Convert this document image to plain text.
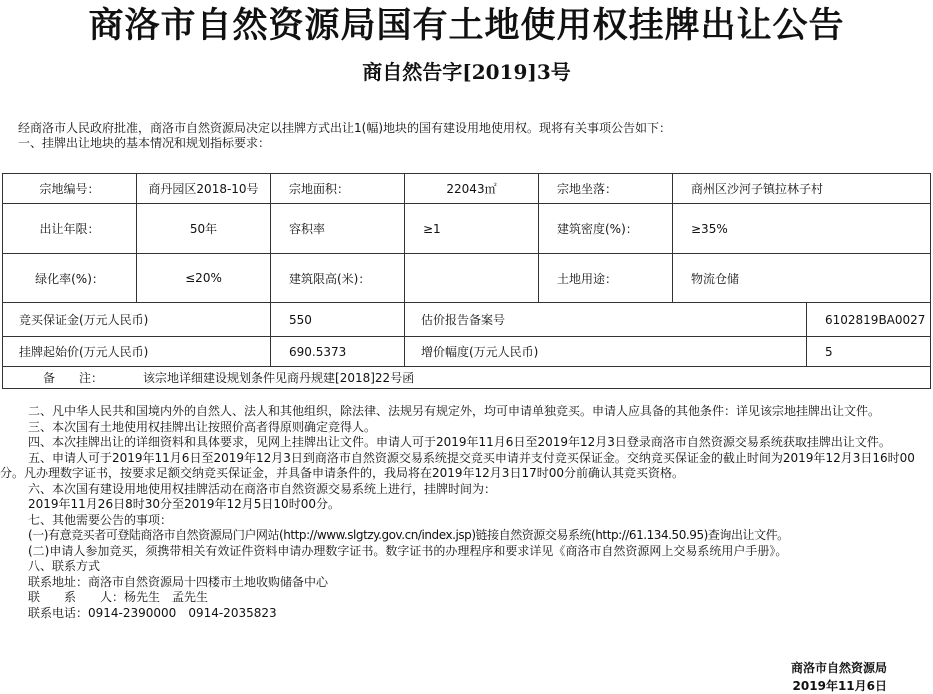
商洛市自然资源局国有土地使用权挂牌出让公告
商自然告字[2019]3号
经商洛市人民政府批准，商洛市自然资源局决定以挂牌方式出让1(幅)地块的国有建设用地使用权。现将有关事项公告如下：
一、挂牌出让地块的基本情况和规划指标要求：
宗地编号：	商丹园区2018-10号	宗地面积：	22043㎡	宗地坐落：	商州区沙河子镇拉林子村	
出让年限：	50年	容积率	≥1	建筑密度(%)：	≥35%	
绿化率(%)：	≤20%	建筑限高(米)：		土地用途：	物流仓储	
竞买保证金(万元人民币)		550	估价报告备案号			6102819BA0027
挂牌起始价(万元人民币)		690.5373	增价幅度(万元人民币)			5
备　　注： 该宗地详细建设规划条件见商丹规建[2018]22号函						
二、凡中华人民共和国境内外的自然人、法人和其他组织，除法律、法规另有规定外，均可申请单独竞买。申请人应具备的其他条件：详见该宗地挂牌出让文件。
三、本次国有土地使用权挂牌出让按照价高者得原则确定竞得人。
四、本次挂牌出让的详细资料和具体要求，见网上挂牌出让文件。申请人可于2019年11月6日至2019年12月3日登录商洛市自然资源交易系统获取挂牌出让文件。
五、申请人可于2019年11月6日至2019年12月3日到商洛市自然资源交易系统提交竞买申请并支付竞买保证金。交纳竞买保证金的截止时间为2019年12月3日16时00分。凡办理数字证书，按要求足额交纳竞买保证金，并具备申请条件的，我局将在2019年12月3日17时00分前确认其竞买资格。
六、本次国有建设用地使用权挂牌活动在商洛市自然资源交易系统上进行，挂牌时间为：
2019年11月26日8时30分至2019年12月5日10时00分。
七、其他需要公告的事项：
(一)有意竞买者可登陆商洛市自然资源局门户网站(http://www.slgtzy.gov.cn/index.jsp)链接自然资源交易系统(http://61.134.50.95)查询出让文件。
(二)申请人参加竞买，须携带相关有效证件资料申请办理数字证书。数字证书的办理程序和要求详见《商洛市自然资源网上交易系统用户手册》。
八、联系方式
联系地址：商洛市自然资源局十四楼市土地收购储备中心
联　　系　　人：杨先生　孟先生
联系电话：0914-2390000　0914-2035823
商洛市自然资源局
2019年11月6日
